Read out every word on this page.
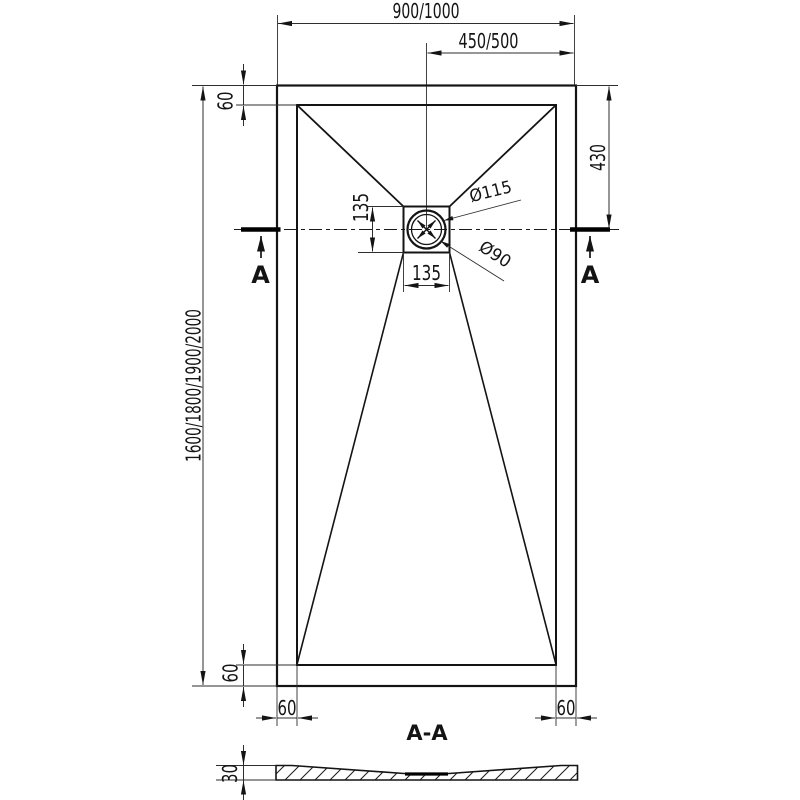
A	A
900/1000
450/500
1600/1800/1900/2000
430
60
135
135
Ø115
Ø90
60
60	60
A-A
30
